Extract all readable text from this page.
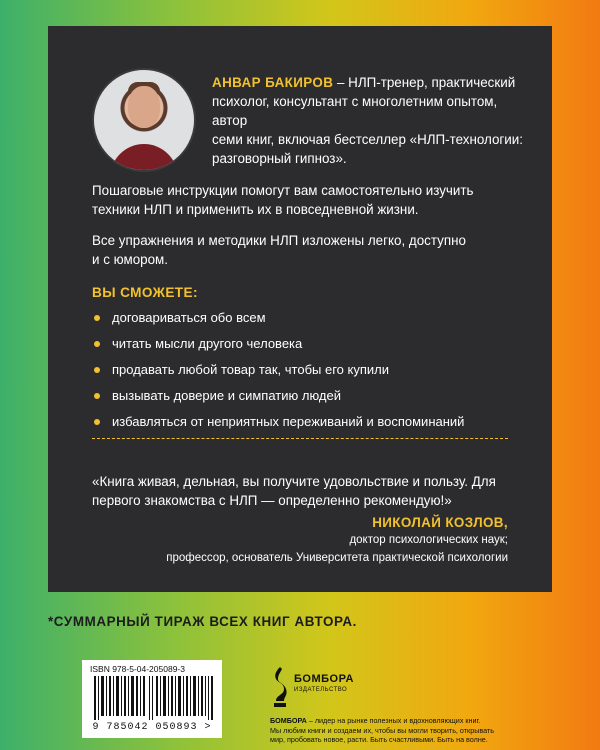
АНВАР БАКИРОВ – НЛП-тренер, практический
психолог, консультант с многолетним опытом, автор
семи книг, включая бестселлер «НЛП-технологии:
разговорный гипноз».
Пошаговые инструкции помогут вам самостоятельно изучить
техники НЛП и применить их в повседневной жизни.
Все упражнения и методики НЛП изложены легко, доступно
и с юмором.
ВЫ СМОЖЕТЕ:
договариваться обо всем
читать мысли другого человека
продавать любой товар так, чтобы его купили
вызывать доверие и симпатию людей
избавляться от неприятных переживаний и воспоминаний
«Книга живая, дельная, вы получите удовольствие и пользу. Для
первого знакомства с НЛП — определенно рекомендую!»
НИКОЛАЙ КОЗЛОВ,
доктор психологических наук;
профессор, основатель Университета практической психологии
*СУММАРНЫЙ ТИРАЖ ВСЕХ КНИГ АВТОРА.
ISBN 978-5-04-205089-3
9 785042 050893 >
БОМБОРА
ИЗДАТЕЛЬСТВО
БОМБОРА – лидер на рынке полезных и вдохновляющих книг.
Мы любим книги и создаем их, чтобы вы могли творить, открывать
мир, пробовать новое, расти. Быть счастливыми. Быть на волне.
